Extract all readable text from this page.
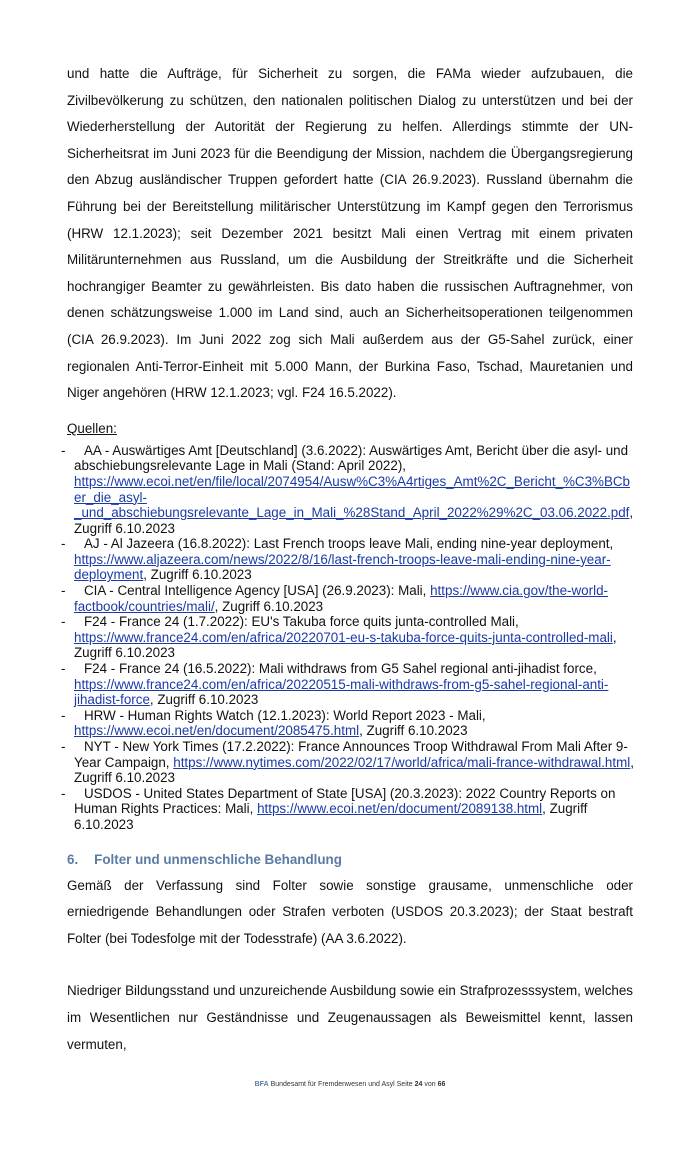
und hatte die Aufträge, für Sicherheit zu sorgen, die FAMa wieder aufzubauen, die Zivilbevölkerung zu schützen, den nationalen politischen Dialog zu unterstützen und bei der Wiederherstellung der Autorität der Regierung zu helfen. Allerdings stimmte der UN-Sicherheitsrat im Juni 2023 für die Beendigung der Mission, nachdem die Übergangsregierung den Abzug ausländischer Truppen gefordert hatte (CIA 26.9.2023). Russland übernahm die Führung bei der Bereitstellung militärischer Unterstützung im Kampf gegen den Terrorismus (HRW 12.1.2023); seit Dezember 2021 besitzt Mali einen Vertrag mit einem privaten Militärunternehmen aus Russland, um die Ausbildung der Streitkräfte und die Sicherheit hochrangiger Beamter zu gewährleisten. Bis dato haben die russischen Auftragnehmer, von denen schätzungsweise 1.000 im Land sind, auch an Sicherheitsoperationen teilgenommen (CIA 26.9.2023). Im Juni 2022 zog sich Mali außerdem aus der G5-Sahel zurück, einer regionalen Anti-Terror-Einheit mit 5.000 Mann, der Burkina Faso, Tschad, Mauretanien und Niger angehören (HRW 12.1.2023; vgl. F24 16.5.2022).
Quellen:
- AA - Auswärtiges Amt [Deutschland] (3.6.2022): Auswärtiges Amt, Bericht über die asyl- und abschiebungsrelevante Lage in Mali (Stand: April 2022), https://www.ecoi.net/en/file/local/2074954/Ausw%C3%A4rtiges_Amt%2C_Bericht_%C3%BCber_die_asyl-_und_abschiebungsrelevante_Lage_in_Mali_%28Stand_April_2022%29%2C_03.06.2022.pdf, Zugriff 6.10.2023
- AJ - Al Jazeera (16.8.2022): Last French troops leave Mali, ending nine-year deployment, https://www.aljazeera.com/news/2022/8/16/last-french-troops-leave-mali-ending-nine-year-deployment, Zugriff 6.10.2023
- CIA - Central Intelligence Agency [USA] (26.9.2023): Mali, https://www.cia.gov/the-world-factbook/countries/mali/, Zugriff 6.10.2023
- F24 - France 24 (1.7.2022): EU's Takuba force quits junta-controlled Mali, https://www.france24.com/en/africa/20220701-eu-s-takuba-force-quits-junta-controlled-mali, Zugriff 6.10.2023
- F24 - France 24 (16.5.2022): Mali withdraws from G5 Sahel regional anti-jihadist force, https://www.france24.com/en/africa/20220515-mali-withdraws-from-g5-sahel-regional-anti-jihadist-force, Zugriff 6.10.2023
- HRW - Human Rights Watch (12.1.2023): World Report 2023 - Mali, https://www.ecoi.net/en/document/2085475.html, Zugriff 6.10.2023
- NYT - New York Times (17.2.2022): France Announces Troop Withdrawal From Mali After 9-Year Campaign, https://www.nytimes.com/2022/02/17/world/africa/mali-france-withdrawal.html, Zugriff 6.10.2023
- USDOS - United States Department of State [USA] (20.3.2023): 2022 Country Reports on Human Rights Practices: Mali, https://www.ecoi.net/en/document/2089138.html, Zugriff 6.10.2023
6. Folter und unmenschliche Behandlung
Gemäß der Verfassung sind Folter sowie sonstige grausame, unmenschliche oder erniedrigende Behandlungen oder Strafen verboten (USDOS 20.3.2023); der Staat bestraft Folter (bei Todesfolge mit der Todesstrafe) (AA 3.6.2022).
Niedriger Bildungsstand und unzureichende Ausbildung sowie ein Strafprozesssystem, welches im Wesentlichen nur Geständnisse und Zeugenaussagen als Beweismittel kennt, lassen vermuten,
BFA Bundesamt für Fremdenwesen und Asyl Seite 24 von 66
